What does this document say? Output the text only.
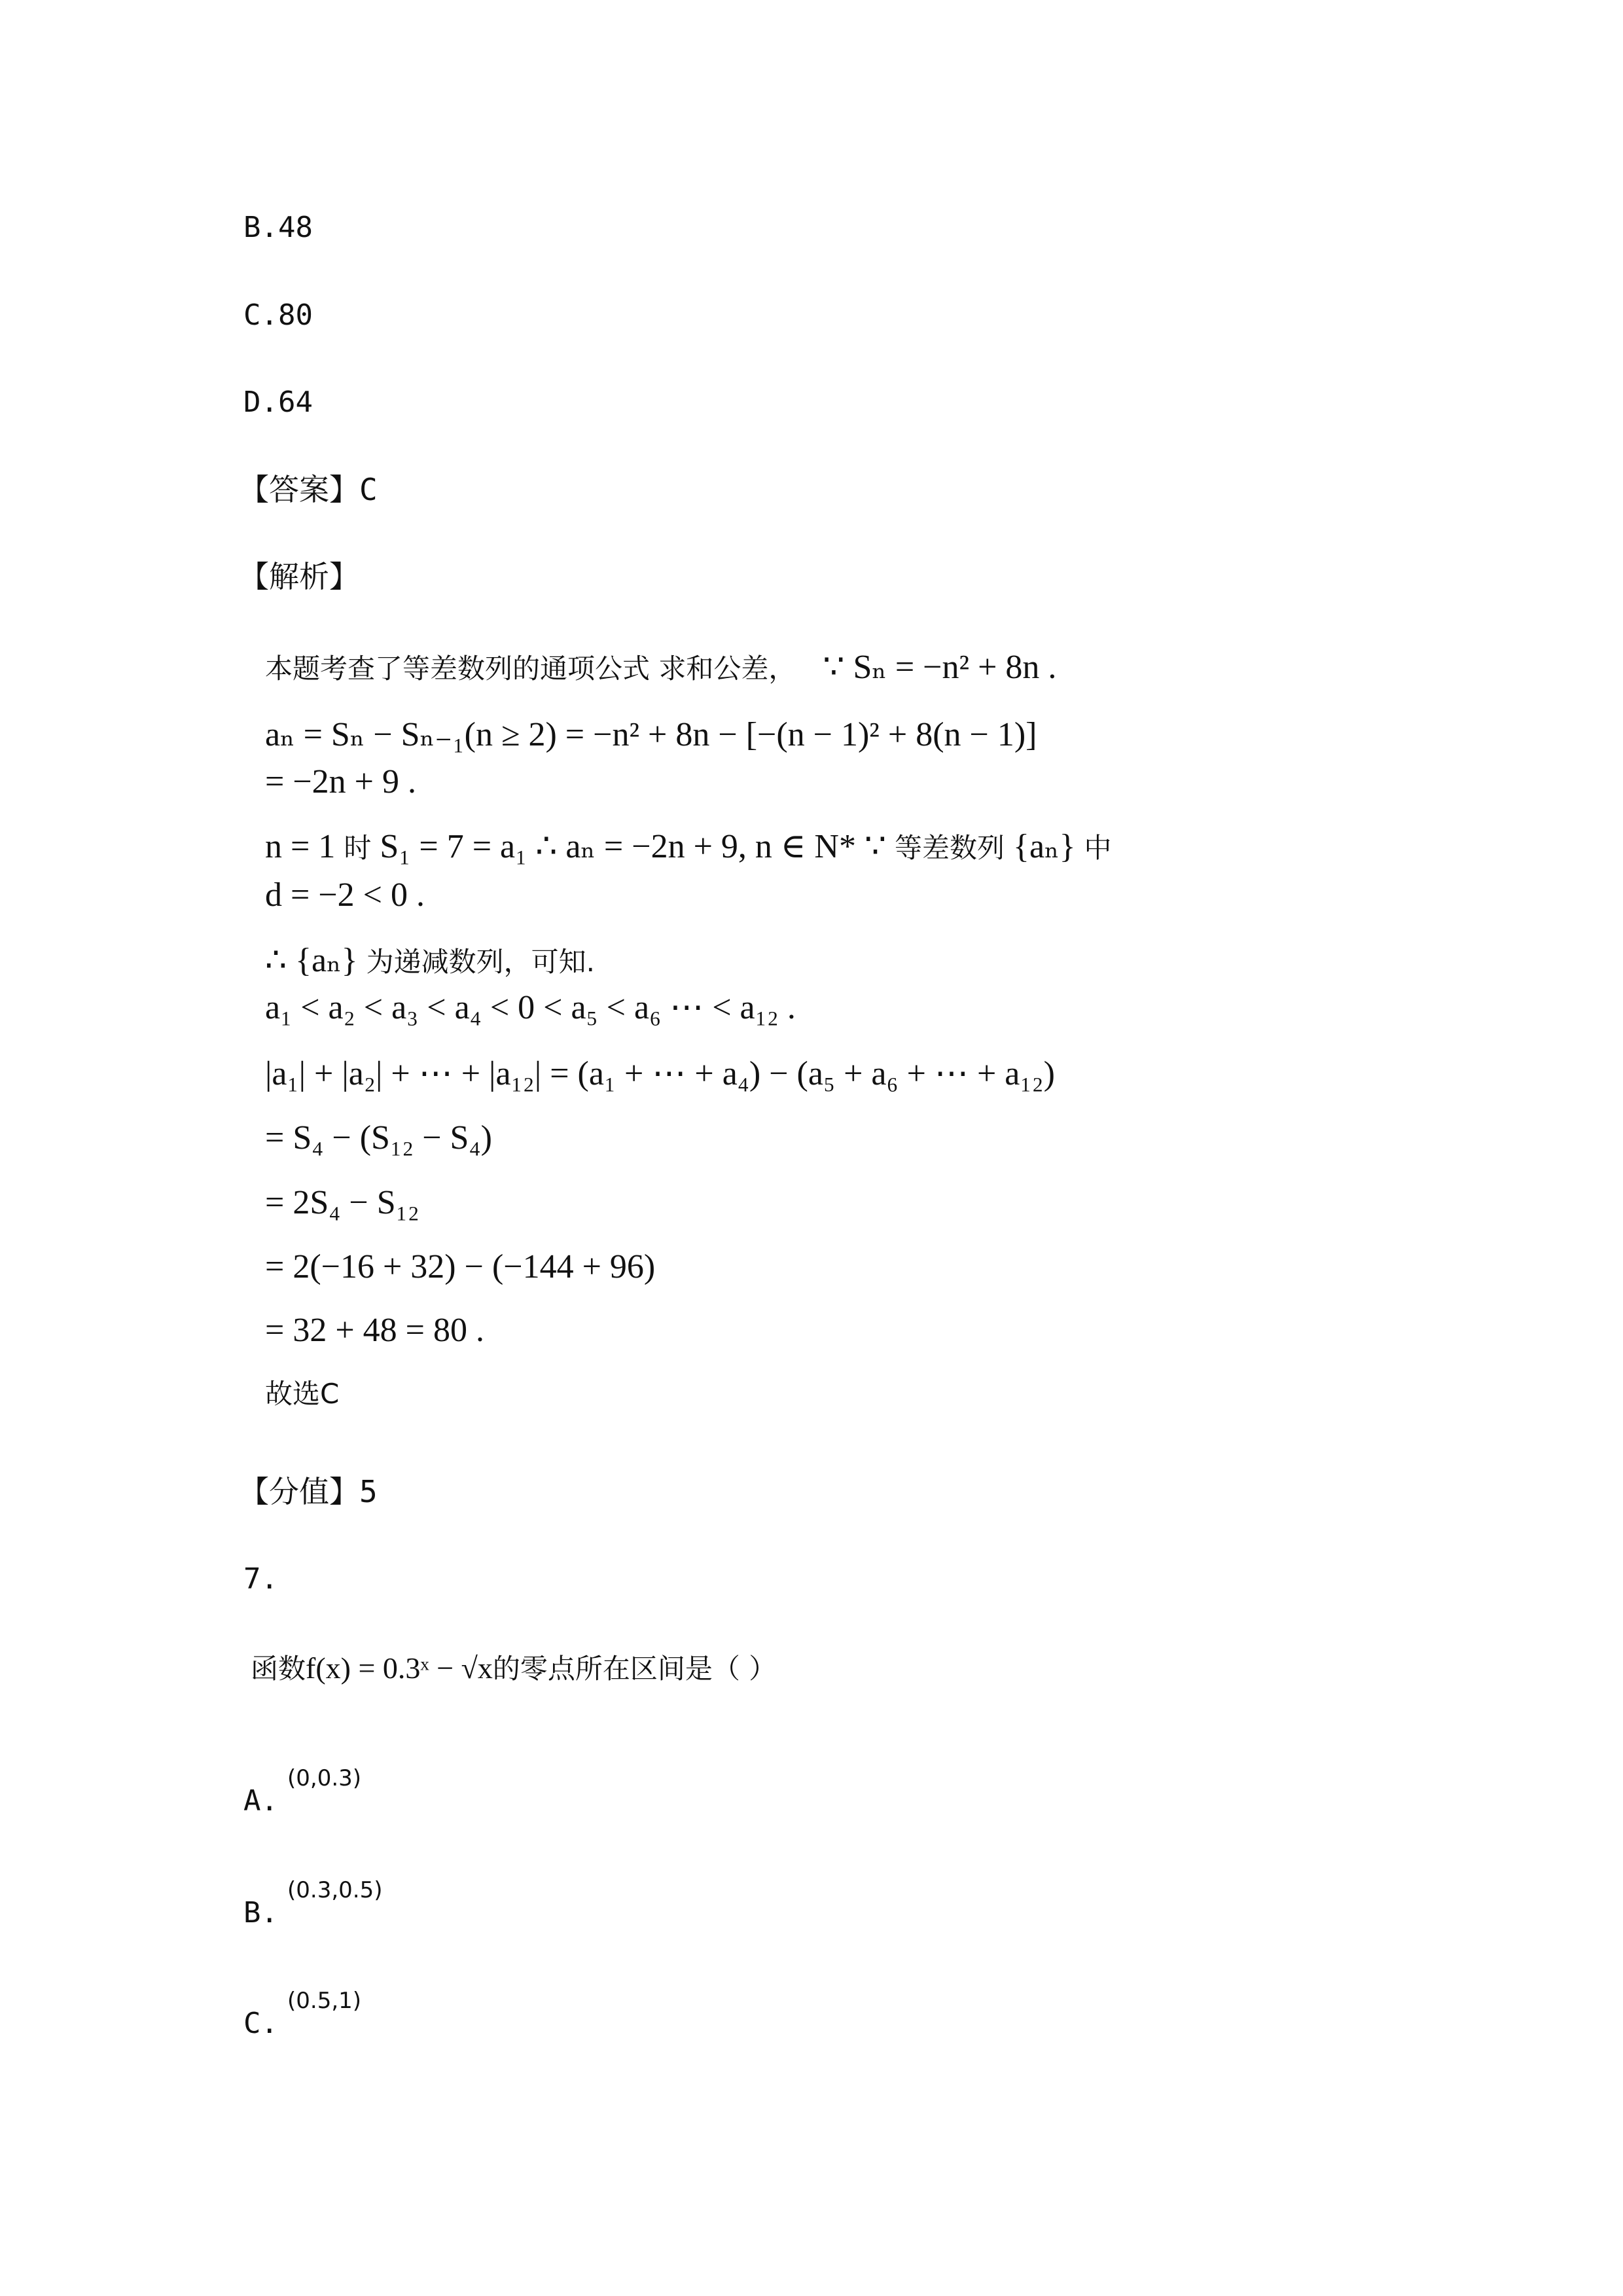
B.48
C.80
D.64
【答案】C
【解析】
本题考查了等差数列的通项公式 求和公差， ∵ Sₙ = −n² + 8n .
aₙ = Sₙ − Sₙ₋₁(n ≥ 2) = −n² + 8n − [−(n − 1)² + 8(n − 1)]
= −2n + 9 .
n = 1 时 S₁ = 7 = a₁ ∴ aₙ = −2n + 9, n ∈ N* ∵ 等差数列 {aₙ} 中
d = −2 < 0 .
∴ {aₙ} 为递减数列，可知.
a₁ < a₂ < a₃ < a₄ < 0 < a₅ < a₆ ⋯ < a₁₂ .
|a₁| + |a₂| + ⋯ + |a₁₂| = (a₁ + ⋯ + a₄) − (a₅ + a₆ + ⋯ + a₁₂)
= S₄ − (S₁₂ − S₄)
= 2S₄ − S₁₂
= 2(−16 + 32) − (−144 + 96)
= 32 + 48 = 80 .
故选C
【分值】5
7.
函数f(x) = 0.3ˣ − √x的零点所在区间是（ ）
A.$^{(0,0.3)}$
B.$^{(0.3,0.5)}$
C.$^{(0.5,1)}$
